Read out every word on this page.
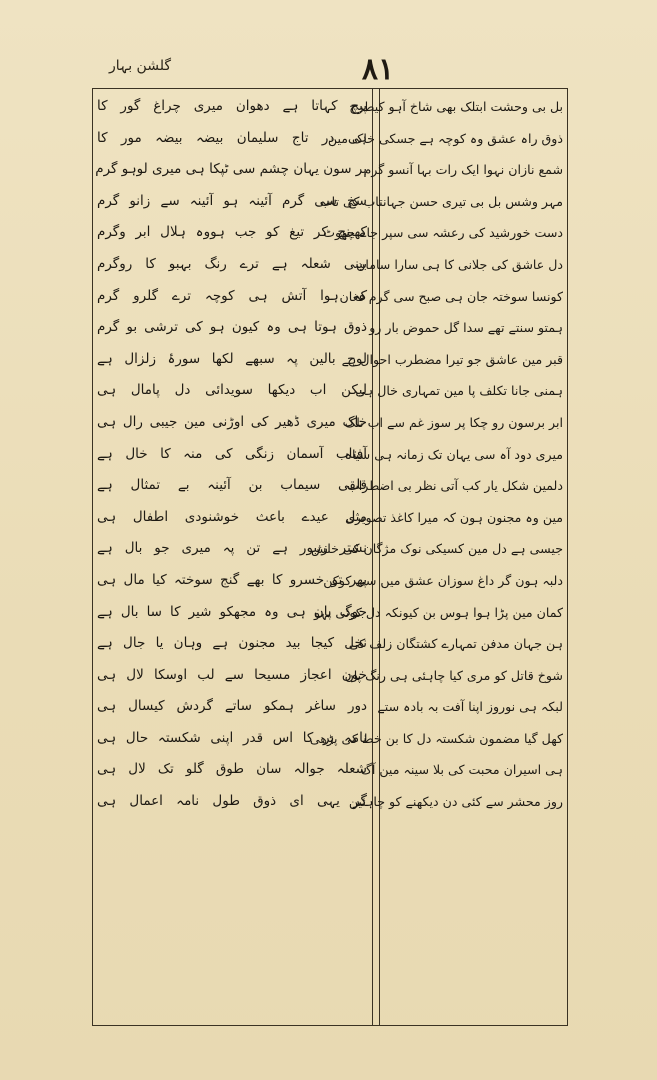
گلشن بہار	۸۱
بل بی وحشت ابتلک بھی شاخ آہو کیطرح
ذوق راہ عشق وہ کوچہ ہے جسکی خاک مین
شمع نازان نہوا ایک رات بہا آنسو گرم
مہر وشس بل بی تیری حسن جہانتاب کی تاب
دست خورشید کی رعشہ سی سپر جاے چھوٹ
دل عاشق کی جلانی کا ہی سارا سامان
کونسا سوختہ جان ہی صبح سی گرم فغان
ہمتو سنتے تھے سدا گل حموض بار رو
قبر مین عاشق جو تیرا مضطرب احوال ہے
ہمنی جانا تکلف پا مین تمہاری خال ہی
ابر برسون رو چکا پر سوز غم سے اب تلک
میری دود آہ سی یہان تک زمانہ ہی سیاہ
دلمین شکل یار کب آتی نظر بی اضطراب
مین وہ مجنون ہون کہ میرا کاغذ تصویری
جیسی ہے دل مین کسیکی نوک مژگان کی خلش
دلبہ ہون گر داغ سوزان عشق میں سی کوکن
کمان مین پڑا ہوا ہوس بن کیونکہ دل کوئی نہو
ہن جہان مدفن تمہارے کشتگان زلف کی
شوخ قاتل کو مری کیا چاہئی ہی رنگ پان
لبکہ ہی نوروز اپنا آفت بہ بادہ ستے
کھل گیا مضمون شکستہ دل کا بن خط کی پڑھی
ہی اسیران محبت کی بلا سینہ مین آگ
روز محشر سے کئی دن دیکھنے کو چاہئین
پیچ کہاتا ہے دھوان میری چراغ گور کا
ہی در تاج سلیمان بیضہ بیضہ مور کا
بر سون یہان چشم سی ٹپکا ہی میری لوہو گرم
سخ سی گرم آئینہ ہو آئینہ سے زانو گرم
کھینچ کر تیغ کو جب ہووہ ہلال ابر وگرم
بینی شعلہ ہے ترے رنگ بہبو کا روگرم
کہ ہوا آتش ہی کوچہ ترے گلرو گرم
ذوق ہوتا ہی وہ کیون ہو کی ترشی بو گرم
لوح بالین پہ سبھے لکھا سورۂ زلزال ہے
لیکن اب دیکھا سویدائی دل پامال ہی
خاک میری ڈھیر کی اوڑنی مین جیبی رال ہی
آفتاب آسمان زنگی کی منہ کا خال ہے
قلقی سیماب بن آئینہ بے تمثال ہے
مثل عیدے باعث خوشنودی اطفال ہی
نشتر زنبور ہے تن پہ میری جو بال ہے
پھر تو خسرو کا بھے گنج سوختہ کیا مال ہی
جوگ پان ہی وہ مجھکو شیر کا سا بال ہے
نخل کیجا بید مجنون ہے وہان یا جال ہے
خون اعجاز مسیحا سے لب اوسکا لال ہی
دور ساغر ہمکو ساتے گردش کیسال ہی
نامہ بر کا اس قدر اپنی شکستہ حال ہی
شعلہ جوالہ سان طوق گلو تک لال ہی
گر یہی ای ذوق طول نامہ اعمال ہی
